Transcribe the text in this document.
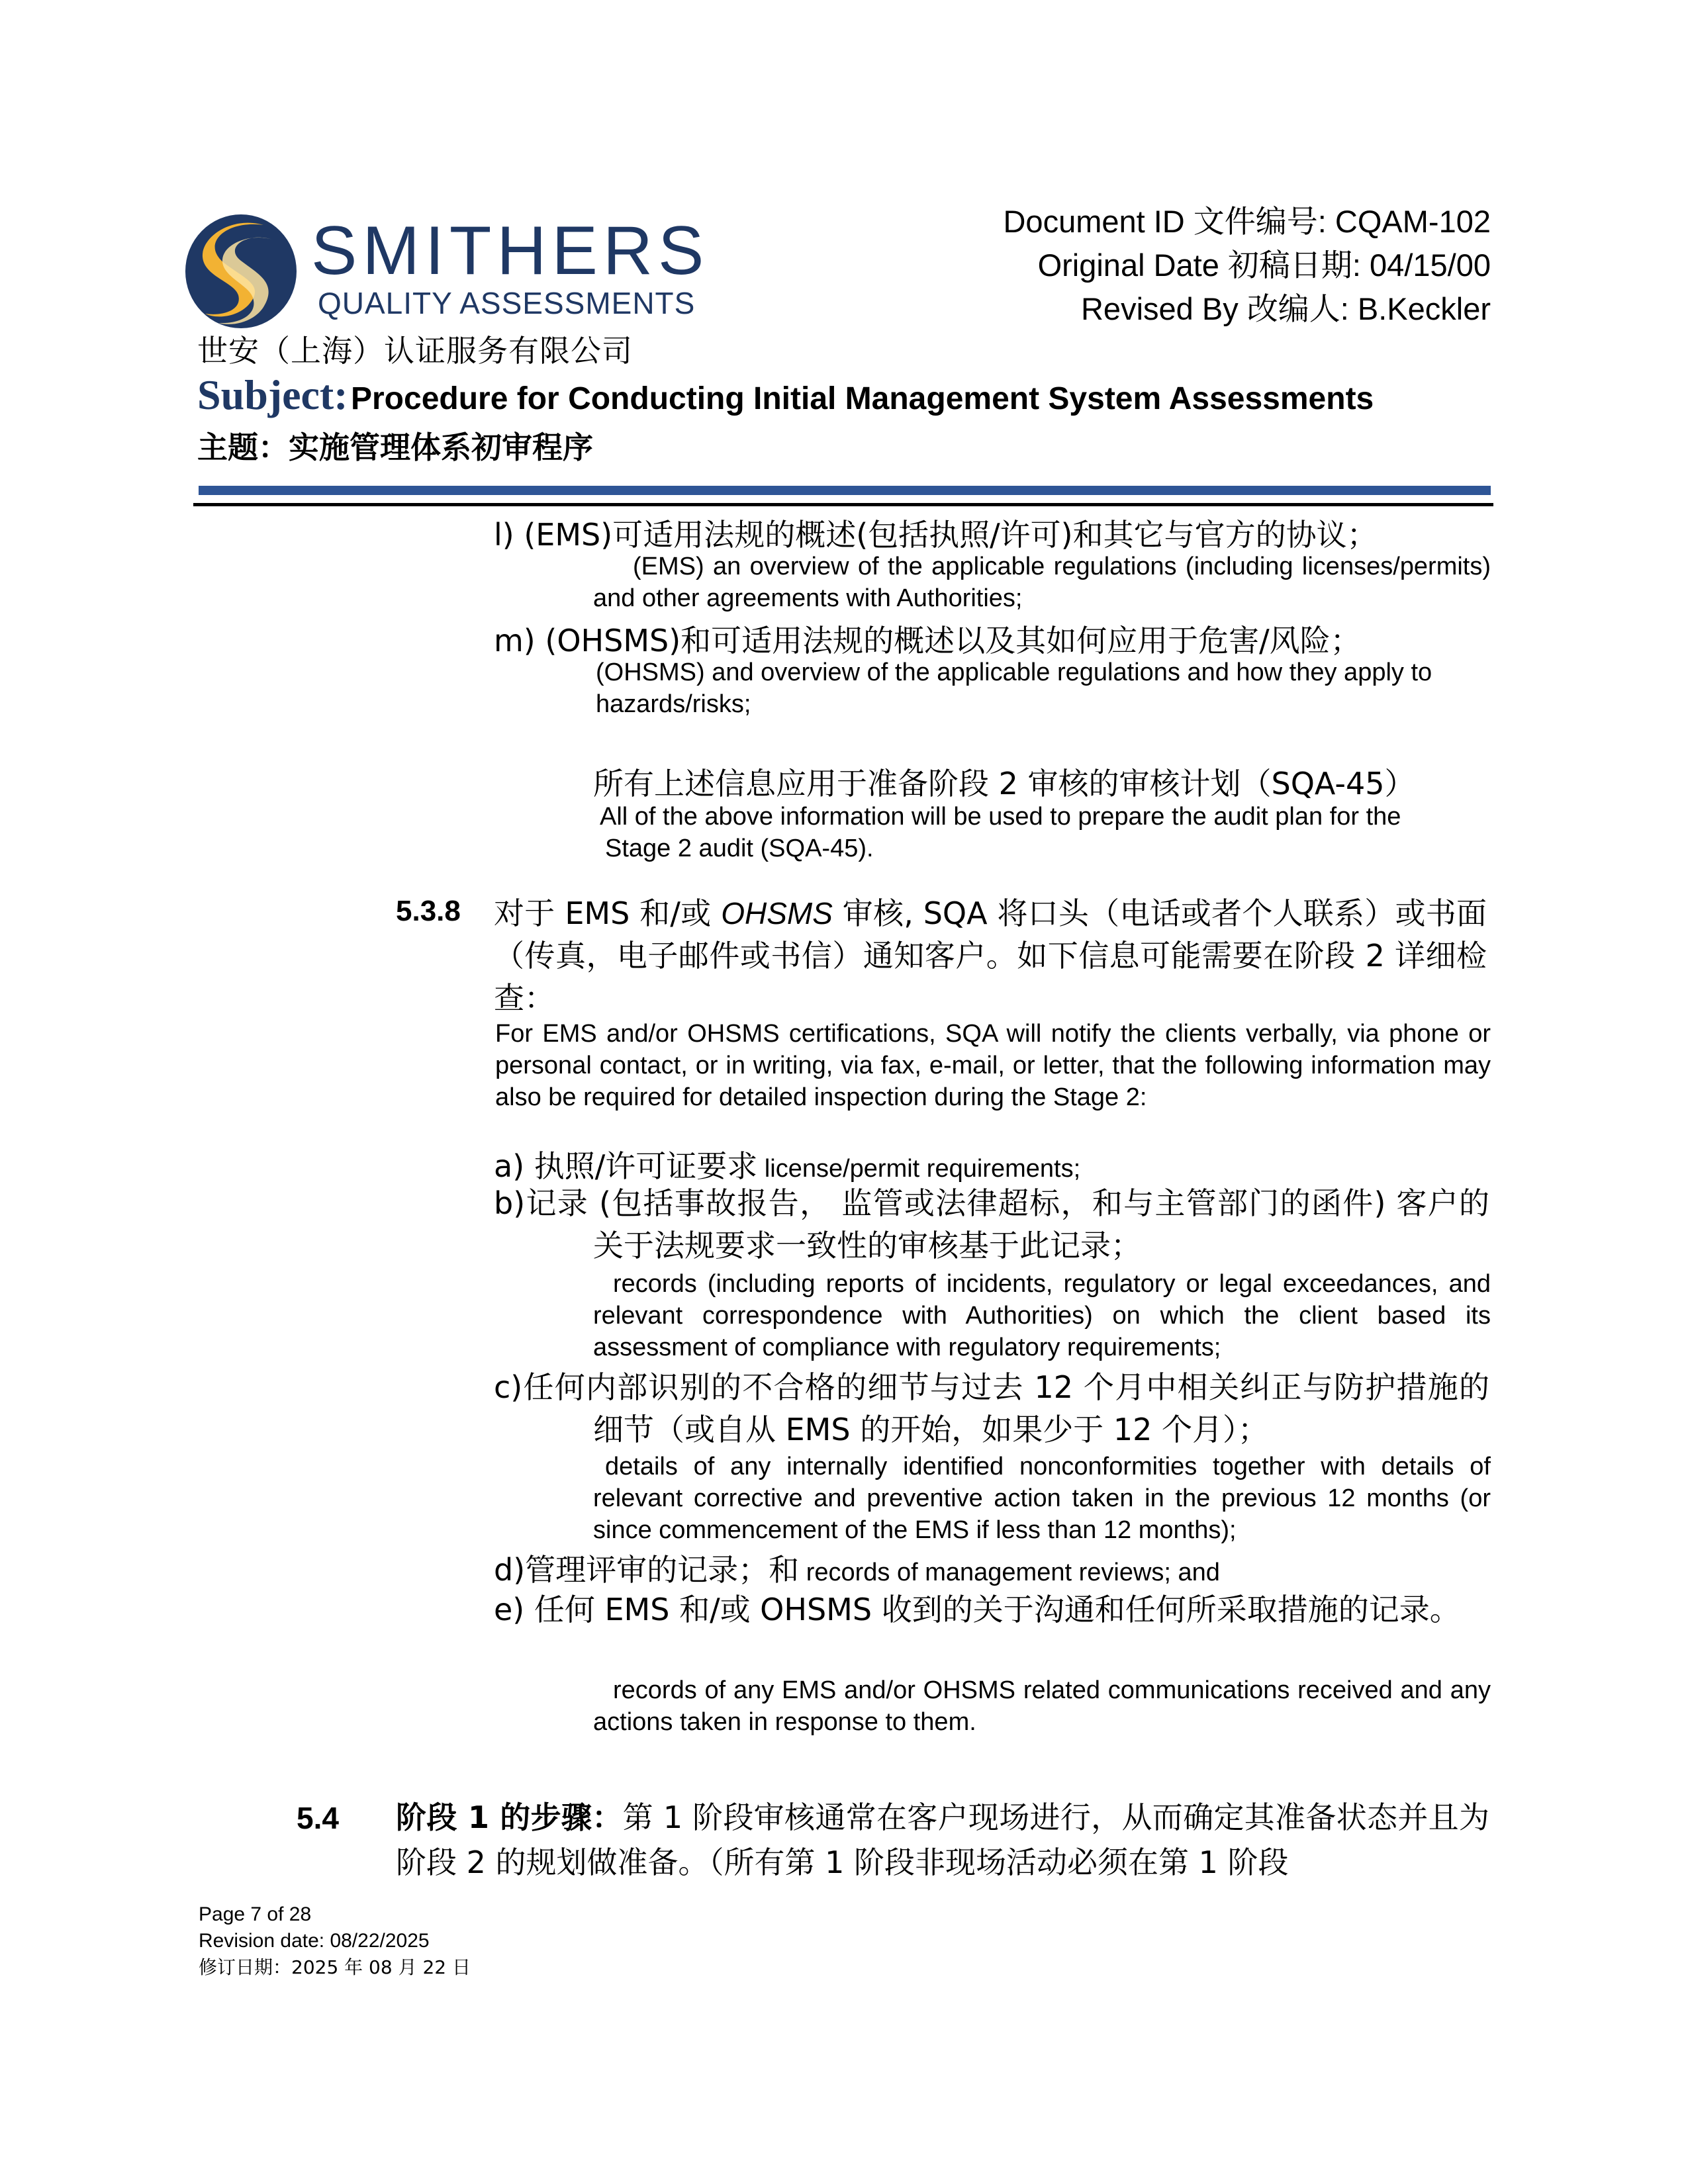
SMITHERS
QUALITY ASSESSMENTS
世安（上海）认证服务有限公司
Document ID 文件编号: CQAM-102
Original Date 初稿日期: 04/15/00
Revised By 改编人: B.Keckler
Subject: Procedure for Conducting Initial Management System Assessments
主题：实施管理体系初审程序
l) (EMS)可适用法规的概述(包括执照/许可)和其它与官方的协议；
(EMS) an overview of the applicable regulations (including licenses/permits) and other agreements with Authorities;
m) (OHSMS)和可适用法规的概述以及其如何应用于危害/风险；
(OHSMS) and overview of the applicable regulations and how they apply to hazards/risks;
所有上述信息应用于准备阶段 2 审核的审核计划（SQA-45）
All of the above information will be used to prepare the audit plan for the
Stage 2 audit (SQA-45).
5.3.8 对于 EMS 和/或 OHSMS 审核, SQA 将口头（电话或者个人联系）或书面（传真，电子邮件或书信）通知客户。如下信息可能需要在阶段 2 详细检查：
For EMS and/or OHSMS certifications, SQA will notify the clients verbally, via phone or personal contact, or in writing, via fax, e-mail, or letter, that the following information may also be required for detailed inspection during the Stage 2:
a) 执照/许可证要求 license/permit requirements;
b)记录 (包括事故报告， 监管或法律超标，和与主管部门的函件) 客户的关于法规要求一致性的审核基于此记录；
records (including reports of incidents, regulatory or legal exceedances, and relevant correspondence with Authorities) on which the client based its assessment of compliance with regulatory requirements;
c)任何内部识别的不合格的细节与过去 12 个月中相关纠正与防护措施的细节（或自从 EMS 的开始，如果少于 12 个月）；
details of any internally identified nonconformities together with details of relevant corrective and preventive action taken in the previous 12 months (or since commencement of the EMS if less than 12 months);
d)管理评审的记录；和 records of management reviews; and
e) 任何 EMS 和/或 OHSMS 收到的关于沟通和任何所采取措施的记录。
records of any EMS and/or OHSMS related communications received and any actions taken in response to them.
5.4 阶段 1 的步骤：第 1 阶段审核通常在客户现场进行，从而确定其准备状态并且为阶段 2 的规划做准备。（所有第 1 阶段非现场活动必须在第 1 阶段
Page 7 of 28
Revision date: 08/22/2025
修订日期：2025 年 08 月 22 日
